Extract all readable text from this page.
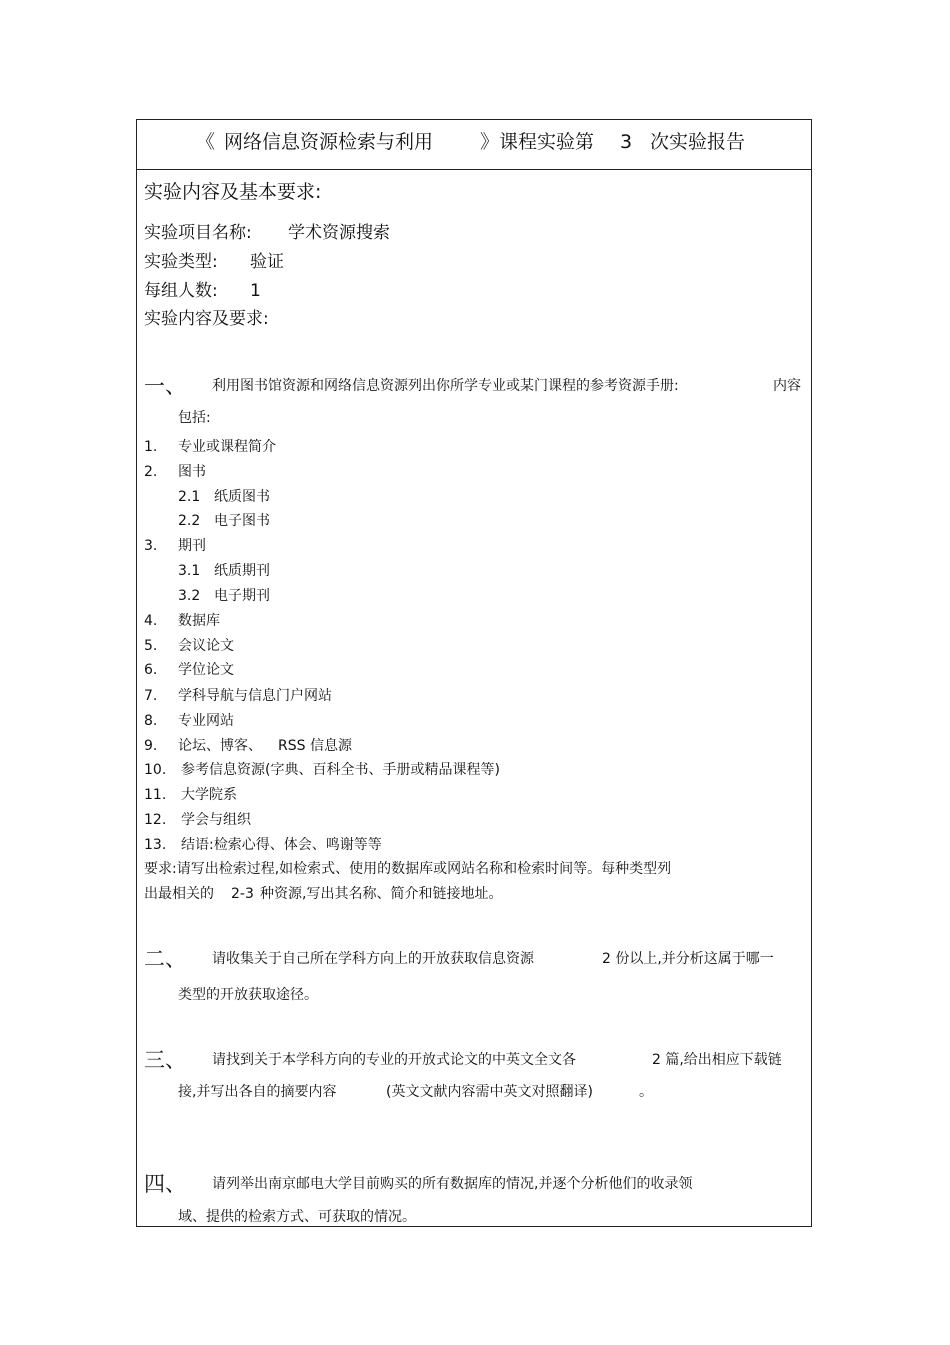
《 网络信息资源检索与利用 》课程实验第 3 次实验报告
实验内容及基本要求:
实验项目名称: 学术资源搜索
实验类型: 验证
每组人数: 1
实验内容及要求:
一、 利用图书馆资源和网络信息资源列出你所学专业或某门课程的参考资源手册:	内容
包括:
1. 专业或课程简介
2. 图书
2.1 纸质图书
2.2 电子图书
3. 期刊
3.1 纸质期刊
3.2 电子期刊
4. 数据库
5. 会议论文
6. 学位论文
7. 学科导航与信息门户网站
8. 专业网站
9. 论坛、博客、 RSS 信息源
10. 参考信息资源(字典、百科全书、手册或精品课程等)
11. 大学院系
12. 学会与组织
13. 结语:检索心得、体会、鸣谢等等
要求:请写出检索过程,如检索式、使用的数据库或网站名称和检索时间等。每种类型列
出最相关的 2-3 种资源,写出其名称、简介和链接地址。
二、 请收集关于自己所在学科方向上的开放获取信息资源	2 份以上,并分析这属于哪一
类型的开放获取途径。
三、 请找到关于本学科方向的专业的开放式论文的中英文全文各	2 篇,给出相应下载链
接,并写出各自的摘要内容	(英文文献内容需中英文对照翻译)	。
四、 请列举出南京邮电大学目前购买的所有数据库的情况,并逐个分析他们的收录领
域、提供的检索方式、可获取的情况。
